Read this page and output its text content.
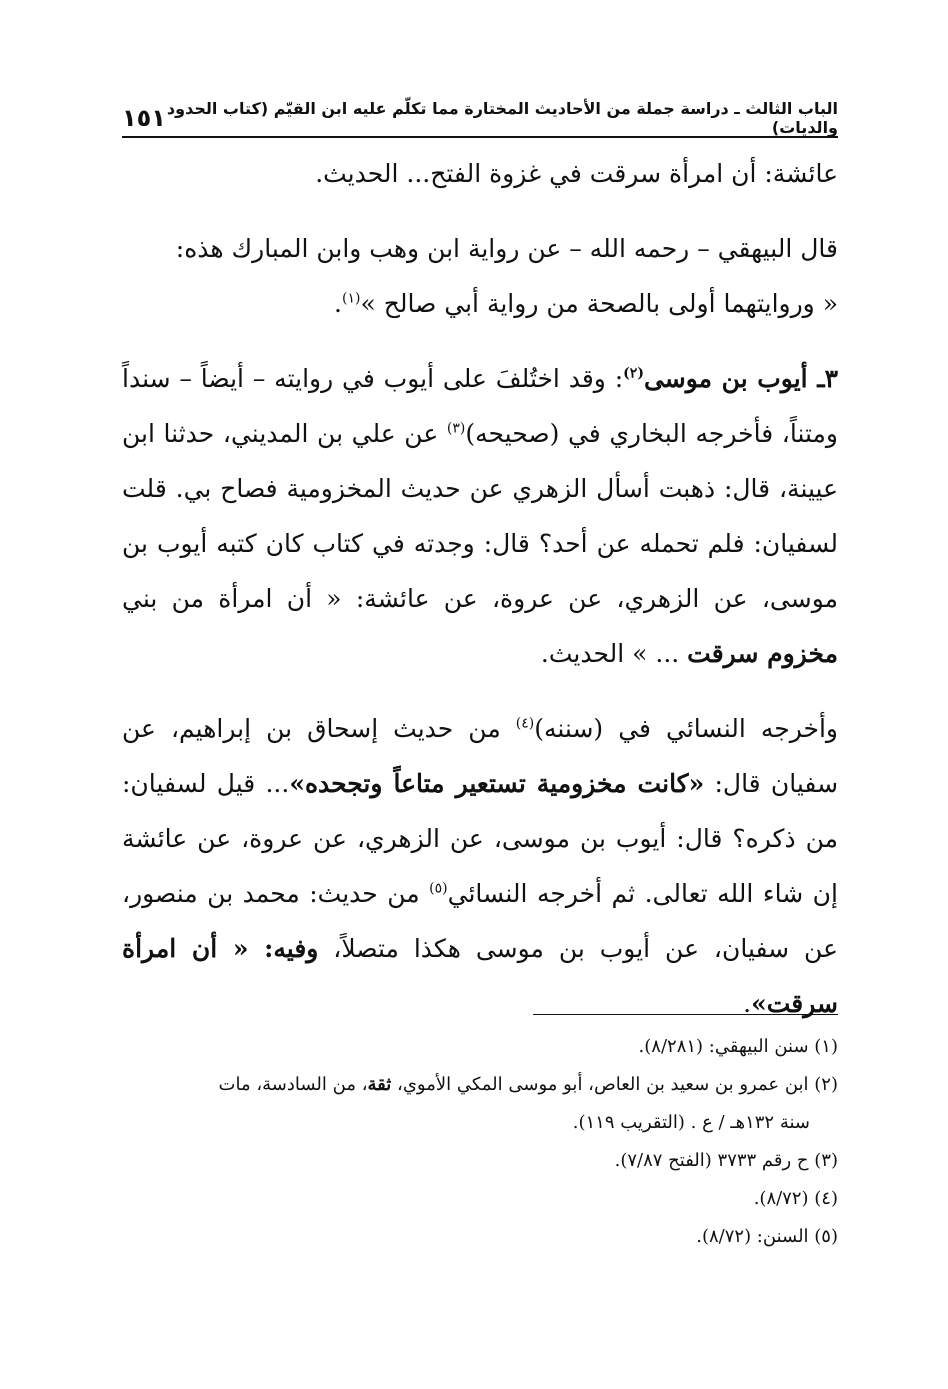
الباب الثالث ـ دراسة جملة من الأحاديث المختارة مما تكلّم عليه ابن القيّم (كتاب الحدود والديات)
١٥١

عائشة: أن امرأة سرقت في غزوة الفتح... الحديث.

قال البيهقي – رحمه الله – عن رواية ابن وهب وابن المبارك هذه:
« وروايتهما أولى بالصحة من رواية أبي صالح »$^{(١)}$.

٣ـ أيوب بن موسى$^{(٢)}$: وقد اختُلفَ على أيوب في روايته – أيضاً – سنداً ومتناً، فأخرجه البخاري في (صحيحه)$^{(٣)}$ عن علي بن المديني، حدثنا ابن عيينة، قال: ذهبت أسأل الزهري عن حديث المخزومية فصاح بي. قلت لسفيان: فلم تحمله عن أحد؟ قال: وجدته في كتاب كان كتبه أيوب بن موسى، عن الزهري، عن عروة، عن عائشة: « أن امرأة من بني مخزوم سرقت ... » الحديث.

وأخرجه النسائي في (سننه)$^{(٤)}$ من حديث إسحاق بن إبراهيم، عن سفيان قال: «كانت مخزومية تستعير متاعاً وتجحده»... قيل لسفيان: من ذكره؟ قال: أيوب بن موسى، عن الزهري، عن عروة، عن عائشة إن شاء الله تعالى. ثم أخرجه النسائي$^{(٥)}$ من حديث: محمد بن منصور، عن سفيان، عن أيوب بن موسى هكذا متصلاً، وفيه: « أن امرأة سرقت».

(١) سنن البيهقي: (٨/٢٨١).

(٢) ابن عمرو بن سعيد بن العاص، أبو موسى المكي الأموي، ثقة، من السادسة، مات

سنة ١٣٢هـ / ع . (التقريب ١١٩).

(٣) ح رقم ٣٧٣٣ (الفتح ٧/٨٧).

(٤) (٨/٧٢).

(٥) السنن: (٨/٧٢).
